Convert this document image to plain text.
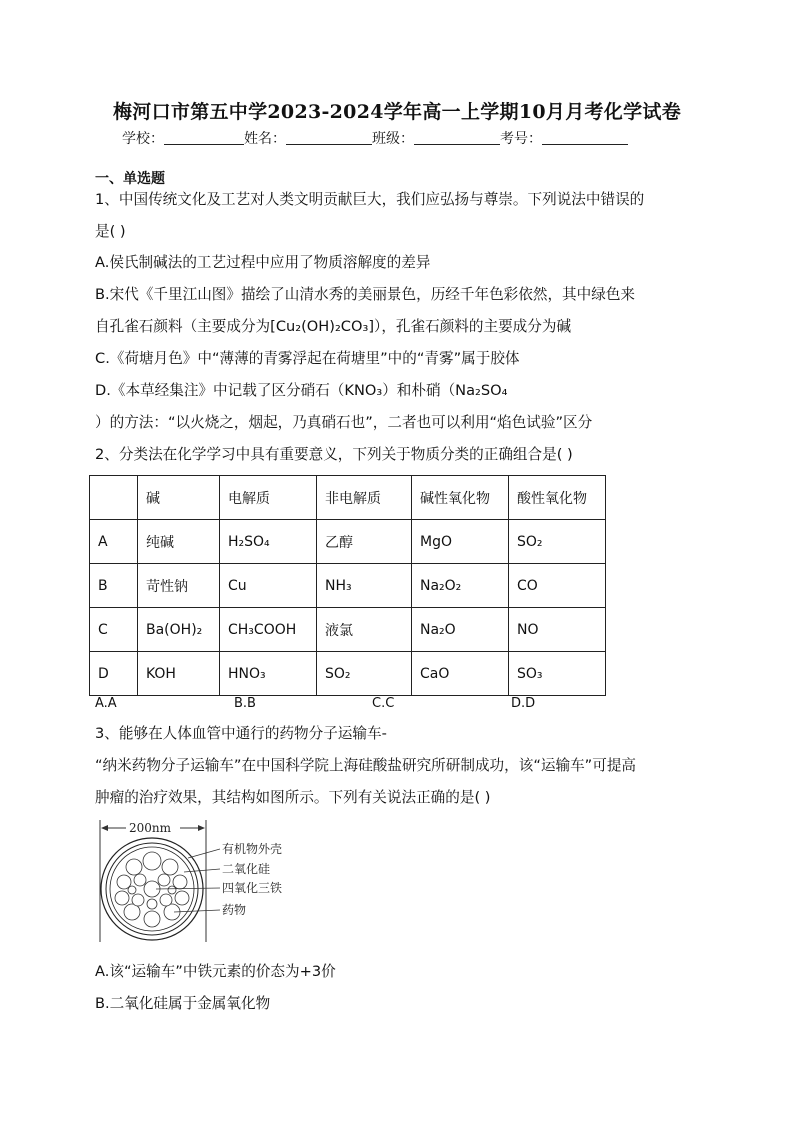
梅河口市第五中学2023-2024学年高一上学期10月月考化学试卷
学校：	姓名：	班级：	考号：
一、单选题
1、中国传统文化及工艺对人类文明贡献巨大，我们应弘扬与尊崇。下列说法中错误的
是( )
A.侯氏制碱法的工艺过程中应用了物质溶解度的差异
B.宋代《千里江山图》描绘了山清水秀的美丽景色，历经千年色彩依然，其中绿色来
自孔雀石颜料（主要成分为[Cu₂(OH)₂CO₃]），孔雀石颜料的主要成分为碱
C.《荷塘月色》中“薄薄的青雾浮起在荷塘里”中的“青雾”属于胶体
D.《本草经集注》中记载了区分硝石（KNO₃）和朴硝（Na₂SO₄
）的方法：“以火烧之，烟起，乃真硝石也”，二者也可以利用“焰色试验”区分
2、分类法在化学学习中具有重要意义，下列关于物质分类的正确组合是( )
	碱	电解质	非电解质	碱性氧化物	酸性氧化物
A	纯碱	H₂SO₄	乙醇	MgO	SO₂
B	苛性钠	Cu	NH₃	Na₂O₂	CO
C	Ba(OH)₂	CH₃COOH	液氯	Na₂O	NO
D	KOH	HNO₃	SO₂	CaO	SO₃
A.A	B.B	C.C	D.D
3、能够在人体血管中通行的药物分子运输车-
“纳米药物分子运输车”在中国科学院上海硅酸盐研究所研制成功，该“运输车”可提高
肿瘤的治疗效果，其结构如图所示。下列有关说法正确的是( )
200nm
有机物外壳
二氧化硅
四氧化三铁
药物
A.该“运输车”中铁元素的价态为+3价
B.二氧化硅属于金属氧化物
